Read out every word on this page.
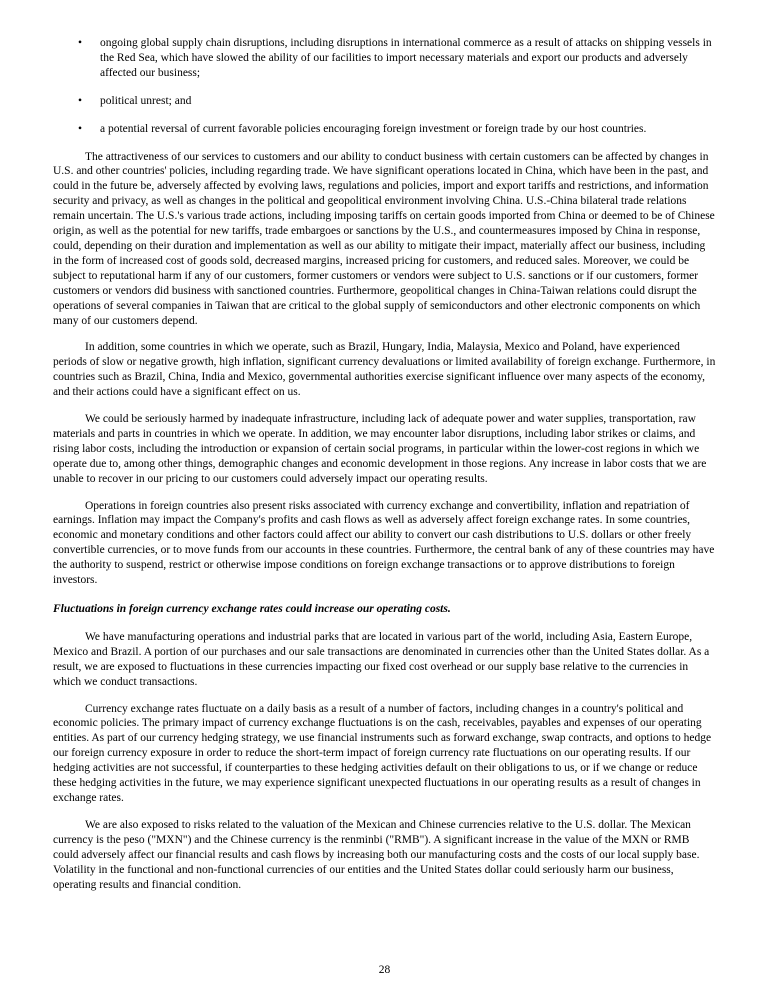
• ongoing global supply chain disruptions, including disruptions in international commerce as a result of attacks on shipping vessels in the Red Sea, which have slowed the ability of our facilities to import necessary materials and export our products and adversely affected our business;
• political unrest; and
• a potential reversal of current favorable policies encouraging foreign investment or foreign trade by our host countries.

The attractiveness of our services to customers and our ability to conduct business with certain customers can be affected by changes in U.S. and other countries' policies, including regarding trade. We have significant operations located in China, which have been in the past, and could in the future be, adversely affected by evolving laws, regulations and policies, import and export tariffs and restrictions, and information security and privacy, as well as changes in the political and geopolitical environment involving China. U.S.-China bilateral trade relations remain uncertain. The U.S.'s various trade actions, including imposing tariffs on certain goods imported from China or deemed to be of Chinese origin, as well as the potential for new tariffs, trade embargoes or sanctions by the U.S., and countermeasures imposed by China in response, could, depending on their duration and implementation as well as our ability to mitigate their impact, materially affect our business, including in the form of increased cost of goods sold, decreased margins, increased pricing for customers, and reduced sales. Moreover, we could be subject to reputational harm if any of our customers, former customers or vendors were subject to U.S. sanctions or if our customers, former customers or vendors did business with sanctioned countries. Furthermore, geopolitical changes in China-Taiwan relations could disrupt the operations of several companies in Taiwan that are critical to the global supply of semiconductors and other electronic components on which many of our customers depend.

In addition, some countries in which we operate, such as Brazil, Hungary, India, Malaysia, Mexico and Poland, have experienced periods of slow or negative growth, high inflation, significant currency devaluations or limited availability of foreign exchange. Furthermore, in countries such as Brazil, China, India and Mexico, governmental authorities exercise significant influence over many aspects of the economy, and their actions could have a significant effect on us.

We could be seriously harmed by inadequate infrastructure, including lack of adequate power and water supplies, transportation, raw materials and parts in countries in which we operate. In addition, we may encounter labor disruptions, including labor strikes or claims, and rising labor costs, including the introduction or expansion of certain social programs, in particular within the lower-cost regions in which we operate due to, among other things, demographic changes and economic development in those regions. Any increase in labor costs that we are unable to recover in our pricing to our customers could adversely impact our operating results.

Operations in foreign countries also present risks associated with currency exchange and convertibility, inflation and repatriation of earnings. Inflation may impact the Company's profits and cash flows as well as adversely affect foreign exchange rates. In some countries, economic and monetary conditions and other factors could affect our ability to convert our cash distributions to U.S. dollars or other freely convertible currencies, or to move funds from our accounts in these countries. Furthermore, the central bank of any of these countries may have the authority to suspend, restrict or otherwise impose conditions on foreign exchange transactions or to approve distributions to foreign investors.

Fluctuations in foreign currency exchange rates could increase our operating costs.

We have manufacturing operations and industrial parks that are located in various part of the world, including Asia, Eastern Europe, Mexico and Brazil. A portion of our purchases and our sale transactions are denominated in currencies other than the United States dollar. As a result, we are exposed to fluctuations in these currencies impacting our fixed cost overhead or our supply base relative to the currencies in which we conduct transactions.

Currency exchange rates fluctuate on a daily basis as a result of a number of factors, including changes in a country's political and economic policies. The primary impact of currency exchange fluctuations is on the cash, receivables, payables and expenses of our operating entities. As part of our currency hedging strategy, we use financial instruments such as forward exchange, swap contracts, and options to hedge our foreign currency exposure in order to reduce the short-term impact of foreign currency rate fluctuations on our operating results. If our hedging activities are not successful, if counterparties to these hedging activities default on their obligations to us, or if we change or reduce these hedging activities in the future, we may experience significant unexpected fluctuations in our operating results as a result of changes in exchange rates.

We are also exposed to risks related to the valuation of the Mexican and Chinese currencies relative to the U.S. dollar. The Mexican currency is the peso ("MXN") and the Chinese currency is the renminbi ("RMB"). A significant increase in the value of the MXN or RMB could adversely affect our financial results and cash flows by increasing both our manufacturing costs and the costs of our local supply base. Volatility in the functional and non-functional currencies of our entities and the United States dollar could seriously harm our business, operating results and financial condition.

28
